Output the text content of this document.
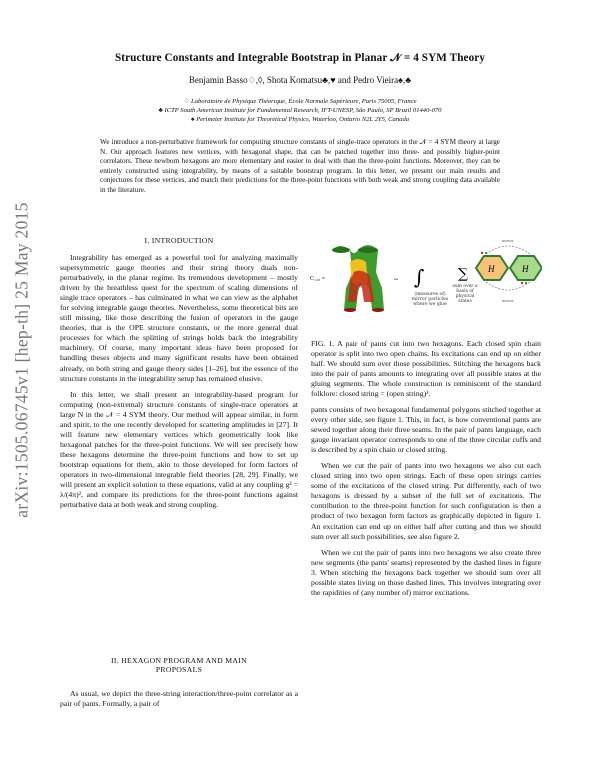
Structure Constants and Integrable Bootstrap in Planar 𝒩 = 4 SYM Theory
Benjamin Basso♢,◊, Shota Komatsu♣,♥ and Pedro Vieira♠,♣
♢ Laboratoire de Physique Théorique, École Normale Supérieure, Paris 75005, France
♣ ICTP South American Institute for Fundamental Research, IFT-UNESP, São Paulo, SP Brazil 01440-070
♠ Perimeter Institute for Theoretical Physics, Waterloo, Ontario N2L 2Y5, Canada
We introduce a non-perturbative framework for computing structure constants of single-trace operators in the 𝒩 = 4 SYM theory at large N. Our approach features new vertices, with hexagonal shape, that can be patched together into three- and possibly higher-point correlators. These newborn hexagons are more elementary and easier to deal with than the three-point functions. Moreover, they can be entirely constructed using integrability, by means of a suitable bootstrap program. In this letter, we present our main results and conjectures for these vertices, and match their predictions for the three-point functions with both weak and strong coupling data available in the literature.
arXiv:1505.06745v1 [hep-th] 25 May 2015	I. INTRODUCTION

Integrability has emerged as a powerful tool for analyzing maximally supersymmetric gauge theories and their string theory duals non-perturbatively, in the planar regime. Its tremendous development – mostly driven by the breathless quest for the spectrum of scaling dimensions of single trace operators – has culminated in what we can view as the alphabet for solving integrable gauge theories. Nevertheless, some theoretical bits are still missing, like those describing the fusion of operators in the gauge theories, that is the OPE structure constants, or the more general dual processes for which the splitting of strings holds back the integrability machinery. Of course, many important ideas have been proposed for handling theses objects and many significant results have been obtained already, on both string and gauge theory sides [1–26], but the essence of the structure constants in the integrability setup has remained elusive.

In this letter, we shall present an integrability-based program for computing (non-extremal) structure constants of single-trace operators at large N in the 𝒩 = 4 SYM theory. Our method will appear similar, in form and spirit, to the one recently developed for scattering amplitudes in [27]. It will feature new elementary vertices which geometrically look like hexagonal patches for the three-point functions. We will see precisely how these hexagons determine the three-point functions and how to set up bootstrap equations for them, akin to those developed for form factors of operators in two-dimensional integrable field theories [28, 29]. Finally, we will present an explicit solution to these equations, valid at any coupling g² = λ/(4π)², and compare its predictions for the three-point functions against perturbative data at both weak and strong coupling.

II. HEXAGON PROGRAM AND MAIN
PROPOSALS

As usual, we depict the three-string interaction/three-point correlator as a pair of pants. Formally, a pair of

C₁₂₃ =	~ ∫ ∑ H	H
mirror
mirror
(measures of) mirror particles where we glue
sum over a basis of physical states
FIG. 1. A pair of pants cut into two hexagons. Each closed spin chain operator is split into two open chains. Its excitations can end up on either half. We should sum over those possibilities. Stitching the hexagons back into the pair of pants amounts to integrating over all possible states at the gluing segments. The whole construction is reminiscent of the standard folklore: closed string = (open string)².

pants consists of two hexagonal fundamental polygons stitched together at every other side, see figure 1. This, in fact, is how conventional pants are sewed together along their three seams. In the pair of pants language, each gauge invariant operator corresponds to one of the three circular cuffs and is described by a spin chain or closed string.

When we cut the pair of pants into two hexagons we also cut each closed string into two open strings. Each of these open strings carries some of the excitations of the closed string. Put differently, each of two hexagons is dressed by a subset of the full set of excitations. The contribution to the three-point function for such configuration is then a product of two hexagon form factors as graphically depicted in figure 1. An excitation can end up on either half after cutting and thus we should sum over all such possibilities, see also figure 2.

When we cut the pair of pants into two hexagons we also create three new segments (the pants' seams) represented by the dashed lines in figure 3. When stitching the hexagons back together we should sum over all possible states living on those dashed lines. This involves integrating over the rapidities of (any number of) mirror excitations.
